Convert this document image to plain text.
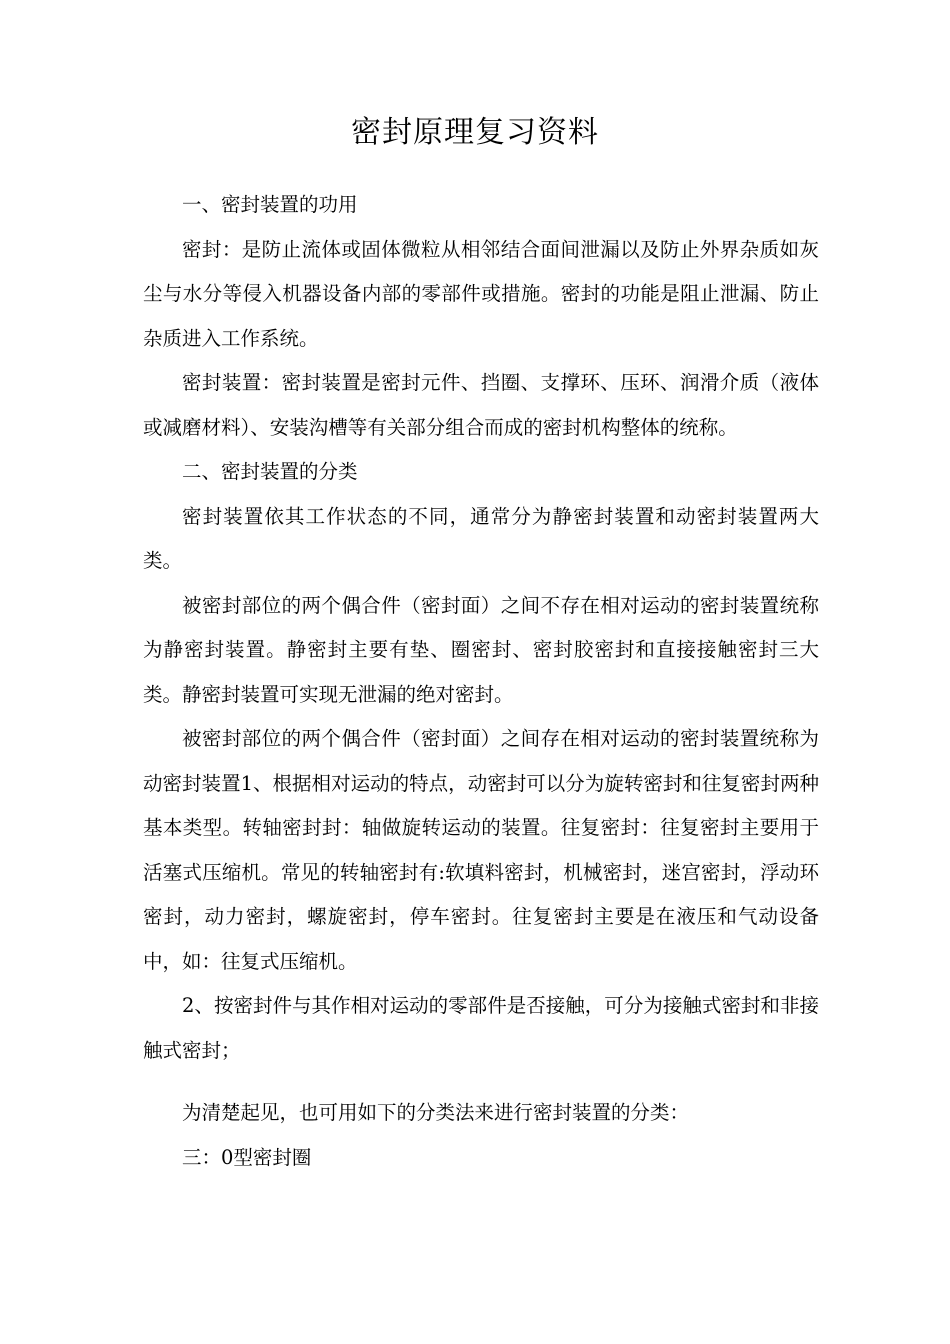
密封原理复习资料

一、密封装置的功用

密封：是防止流体或固体微粒从相邻结合面间泄漏以及防止外界杂质如灰尘与水分等侵入机器设备内部的零部件或措施。密封的功能是阻止泄漏、防止杂质进入工作系统。

密封装置：密封装置是密封元件、挡圈、支撑环、压环、润滑介质（液体或减磨材料）、安装沟槽等有关部分组合而成的密封机构整体的统称。

二、密封装置的分类

密封装置依其工作状态的不同，通常分为静密封装置和动密封装置两大类。

被密封部位的两个偶合件（密封面）之间不存在相对运动的密封装置统称为静密封装置。静密封主要有垫、圈密封、密封胶密封和直接接触密封三大类。静密封装置可实现无泄漏的绝对密封。

被密封部位的两个偶合件（密封面）之间存在相对运动的密封装置统称为动密封装置1、根据相对运动的特点，动密封可以分为旋转密封和往复密封两种基本类型。转轴密封封：轴做旋转运动的装置。往复密封：往复密封主要用于活塞式压缩机。常见的转轴密封有:软填料密封，机械密封，迷宫密封，浮动环密封，动力密封，螺旋密封，停车密封。往复密封主要是在液压和气动设备中，如：往复式压缩机。

2、按密封件与其作相对运动的零部件是否接触，可分为接触式密封和非接触式密封；

为清楚起见，也可用如下的分类法来进行密封装置的分类：

三：0型密封圈
